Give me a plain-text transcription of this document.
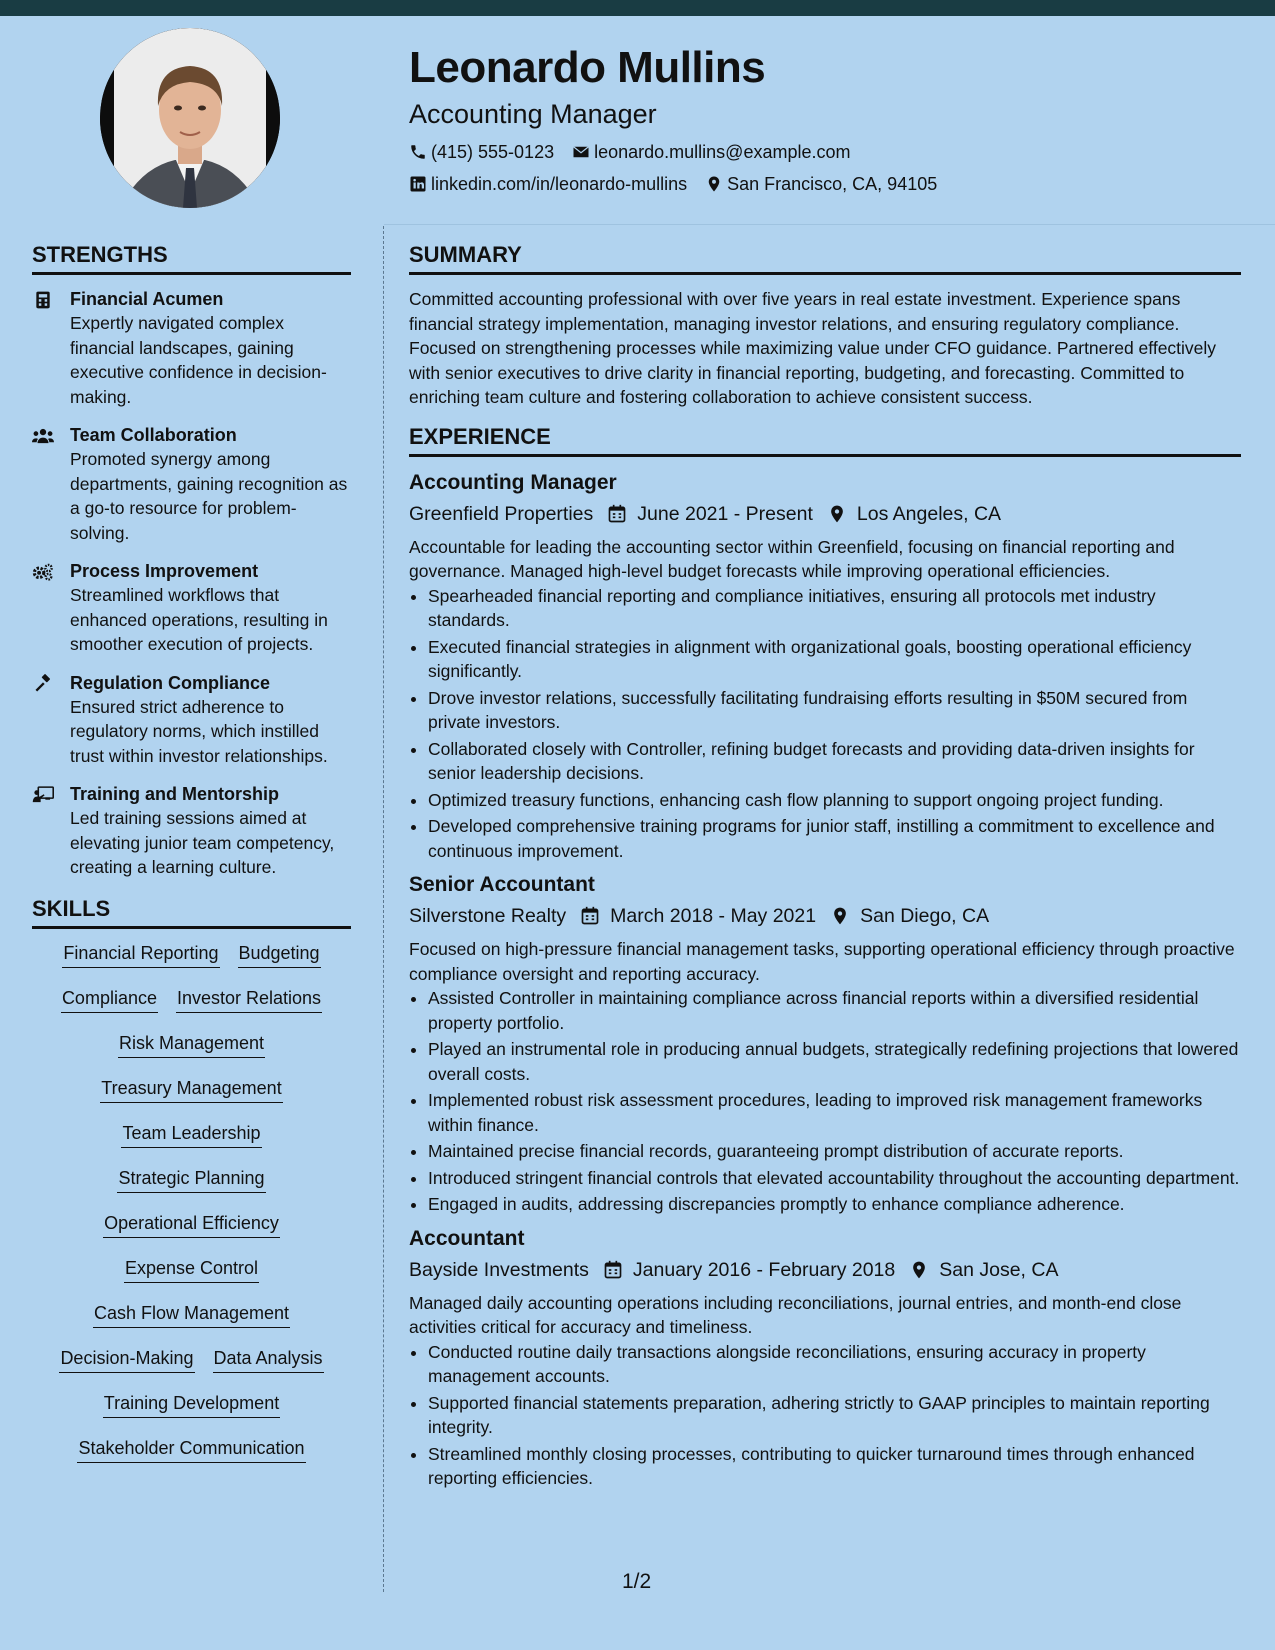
Leonardo Mullins
Accounting Manager
(415) 555-0123 leonardo.mullins@example.com
linkedin.com/in/leonardo-mullins San Francisco, CA, 94105
STRENGTHS
Financial Acumen
Expertly navigated complex financial landscapes, gaining executive confidence in decision-making.
Team Collaboration
Promoted synergy among departments, gaining recognition as a go-to resource for problem-solving.
Process Improvement
Streamlined workflows that enhanced operations, resulting in smoother execution of projects.
Regulation Compliance
Ensured strict adherence to regulatory norms, which instilled trust within investor relationships.
Training and Mentorship
Led training sessions aimed at elevating junior team competency, creating a learning culture.
SKILLS
Financial Reporting Budgeting
Compliance Investor Relations
Risk Management
Treasury Management
Team Leadership
Strategic Planning
Operational Efficiency
Expense Control
Cash Flow Management
Decision-Making Data Analysis
Training Development
Stakeholder Communication
SUMMARY

Committed accounting professional with over five years in real estate investment. Experience spans financial strategy implementation, managing investor relations, and ensuring regulatory compliance. Focused on strengthening processes while maximizing value under CFO guidance. Partnered effectively with senior executives to drive clarity in financial reporting, budgeting, and forecasting. Committed to enriching team culture and fostering collaboration to achieve consistent success.

EXPERIENCE
Accounting Manager
Greenfield Properties June 2021 - Present Los Angeles, CA
Accountable for leading the accounting sector within Greenfield, focusing on financial reporting and governance. Managed high-level budget forecasts while improving operational efficiencies.
• Spearheaded financial reporting and compliance initiatives, ensuring all protocols met industry standards.
• Executed financial strategies in alignment with organizational goals, boosting operational efficiency significantly.
• Drove investor relations, successfully facilitating fundraising efforts resulting in $50M secured from private investors.
• Collaborated closely with Controller, refining budget forecasts and providing data-driven insights for senior leadership decisions.
• Optimized treasury functions, enhancing cash flow planning to support ongoing project funding.
• Developed comprehensive training programs for junior staff, instilling a commitment to excellence and continuous improvement.
Senior Accountant
Silverstone Realty March 2018 - May 2021 San Diego, CA
Focused on high-pressure financial management tasks, supporting operational efficiency through proactive compliance oversight and reporting accuracy.
• Assisted Controller in maintaining compliance across financial reports within a diversified residential property portfolio.
• Played an instrumental role in producing annual budgets, strategically redefining projections that lowered overall costs.
• Implemented robust risk assessment procedures, leading to improved risk management frameworks within finance.
• Maintained precise financial records, guaranteeing prompt distribution of accurate reports.
• Introduced stringent financial controls that elevated accountability throughout the accounting department.
• Engaged in audits, addressing discrepancies promptly to enhance compliance adherence.
Accountant
Bayside Investments January 2016 - February 2018 San Jose, CA
Managed daily accounting operations including reconciliations, journal entries, and month-end close activities critical for accuracy and timeliness.
• Conducted routine daily transactions alongside reconciliations, ensuring accuracy in property management accounts.
• Supported financial statements preparation, adhering strictly to GAAP principles to maintain reporting integrity.
• Streamlined monthly closing processes, contributing to quicker turnaround times through enhanced reporting efficiencies.
1/2
